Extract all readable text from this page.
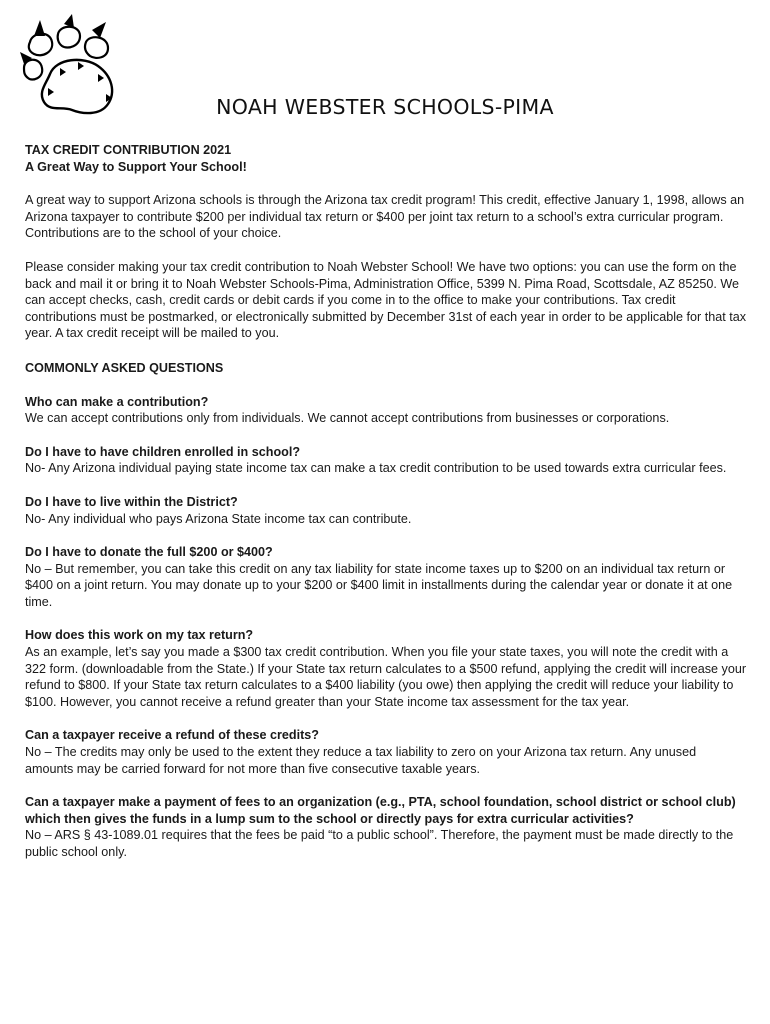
NOAH WEBSTER SCHOOLS-PIMA

TAX CREDIT CONTRIBUTION 2021

A Great Way to Support Your School!

A great way to support Arizona schools is through the Arizona tax credit program! This credit, effective January 1, 1998, allows an Arizona taxpayer to contribute $200 per individual tax return or $400 per joint tax return to a school’s extra curricular program. Contributions are to the school of your choice.

Please consider making your tax credit contribution to Noah Webster School! We have two options: you can use the form on the back and mail it or bring it to Noah Webster Schools-Pima, Administration Office, 5399 N. Pima Road, Scottsdale, AZ 85250. We can accept checks, cash, credit cards or debit cards if you come in to the office to make your contributions. Tax credit contributions must be postmarked, or electronically submitted by December 31st of each year in order to be applicable for that tax year. A tax credit receipt will be mailed to you.

COMMONLY ASKED QUESTIONS

Who can make a contribution?

We can accept contributions only from individuals. We cannot accept contributions from businesses or corporations.

Do I have to have children enrolled in school?

No- Any Arizona individual paying state income tax can make a tax credit contribution to be used towards extra curricular fees.

Do I have to live within the District?

No- Any individual who pays Arizona State income tax can contribute.

Do I have to donate the full $200 or $400?

No – But remember, you can take this credit on any tax liability for state income taxes up to $200 on an individual tax return or $400 on a joint return. You may donate up to your $200 or $400 limit in installments during the calendar year or donate it at one time.

How does this work on my tax return?

As an example, let’s say you made a $300 tax credit contribution. When you file your state taxes, you will note the credit with a 322 form. (downloadable from the State.) If your State tax return calculates to a $500 refund, applying the credit will increase your refund to $800. If your State tax return calculates to a $400 liability (you owe) then applying the credit will reduce your liability to $100. However, you cannot receive a refund greater than your State income tax assessment for the tax year.

Can a taxpayer receive a refund of these credits?

No – The credits may only be used to the extent they reduce a tax liability to zero on your Arizona tax return. Any unused amounts may be carried forward for not more than five consecutive taxable years.

Can a taxpayer make a payment of fees to an organization (e.g., PTA, school foundation, school district or school club) which then gives the funds in a lump sum to the school or directly pays for extra curricular activities?

No – ARS § 43-1089.01 requires that the fees be paid “to a public school”. Therefore, the payment must be made directly to the public school only.
